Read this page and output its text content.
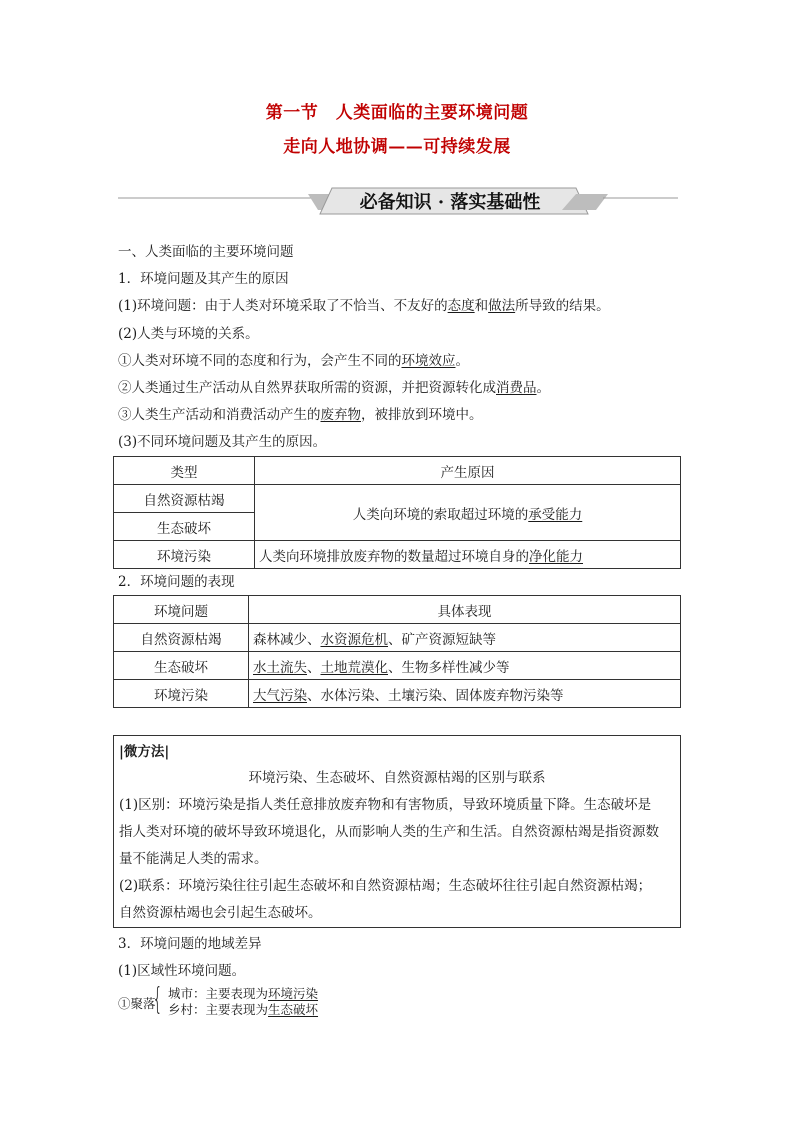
第一节　人类面临的主要环境问题
走向人地协调——可持续发展
必备知识 · 落实基础性
一、人类面临的主要环境问题
1．环境问题及其产生的原因
(1)环境问题：由于人类对环境采取了不恰当、不友好的态度和做法所导致的结果。
(2)人类与环境的关系。
①人类对环境不同的态度和行为，会产生不同的环境效应。
②人类通过生产活动从自然界获取所需的资源，并把资源转化成消费品。
③人类生产活动和消费活动产生的废弃物，被排放到环境中。
(3)不同环境问题及其产生的原因。
类型	产生原因
自然资源枯竭	人类向环境的索取超过环境的承受能力
生态破坏	
环境污染	人类向环境排放废弃物的数量超过环境自身的净化能力
2．环境问题的表现
环境问题	具体表现
自然资源枯竭	森林减少、水资源危机、矿产资源短缺等
生态破坏	水土流失、土地荒漠化、生物多样性减少等
环境污染	大气污染、水体污染、土壤污染、固体废弃物污染等
|微方法|
环境污染、生态破坏、自然资源枯竭的区别与联系
(1)区别：环境污染是指人类任意排放废弃物和有害物质，导致环境质量下降。生态破坏是
指人类对环境的破坏导致环境退化，从而影响人类的生产和生活。自然资源枯竭是指资源数
量不能满足人类的需求。
(2)联系：环境污染往往引起生态破坏和自然资源枯竭；生态破坏往往引起自然资源枯竭；
自然资源枯竭也会引起生态破坏。
3．环境问题的地域差异
(1)区域性环境问题。
①聚落
{ 城市：主要表现为环境污染
乡村：主要表现为生态破坏
